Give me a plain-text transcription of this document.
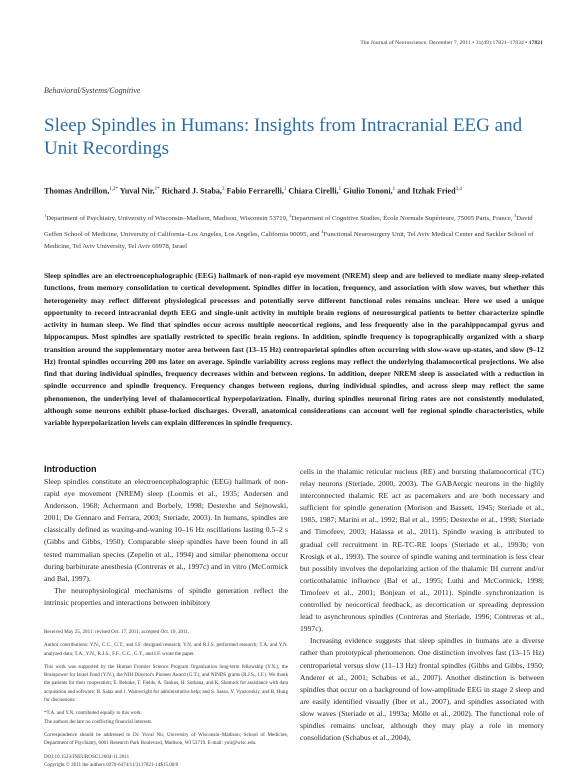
The Journal of Neuroscience, December 7, 2011 • 31(49):17821–17834 • 17821
Behavioral/Systems/Cognitive
Sleep Spindles in Humans: Insights from Intracranial EEG and Unit Recordings
Thomas Andrillon,$^{1,2*}$ Yuval Nir,$^{1*}$ Richard J. Staba,$^3$ Fabio Ferrarelli,$^1$ Chiara Cirelli,$^1$ Giulio Tononi,$^1$ and Itzhak Fried$^{3,4}$
$^1$Department of Psychiatry, University of Wisconsin–Madison, Madison, Wisconsin 53719, $^2$Department of Cognitive Studies, École Normale Supérieure, 75005 Paris, France, $^3$David Geffen School of Medicine, University of California–Los Angeles, Los Angeles, California 90095, and $^4$Functional Neurosurgery Unit, Tel Aviv Medical Center and Sackler School of Medicine, Tel Aviv University, Tel Aviv 69978, Israel

Sleep spindles are an electroencephalographic (EEG) hallmark of non-rapid eye movement (NREM) sleep and are believed to mediate many sleep-related functions, from memory consolidation to cortical development. Spindles differ in location, frequency, and association with slow waves, but whether this heterogeneity may reflect different physiological processes and potentially serve different functional roles remains unclear. Here we used a unique opportunity to record intracranial depth EEG and single-unit activity in multiple brain regions of neurosurgical patients to better characterize spindle activity in human sleep. We find that spindles occur across multiple neocortical regions, and less frequently also in the parahippocampal gyrus and hippocampus. Most spindles are spatially restricted to specific brain regions. In addition, spindle frequency is topographically organized with a sharp transition around the supplementary motor area between fast (13–15 Hz) centroparietal spindles often occurring with slow-wave up-states, and slow (9–12 Hz) frontal spindles occurring 200 ms later on average. Spindle variability across regions may reflect the underlying thalamocortical projections. We also find that during individual spindles, frequency decreases within and between regions. In addition, deeper NREM sleep is associated with a reduction in spindle occurrence and spindle frequency. Frequency changes between regions, during individual spindles, and across sleep may reflect the same phenomenon, the underlying level of thalamocortical hyperpolarization. Finally, during spindles neuronal firing rates are not consistently modulated, although some neurons exhibit phase-locked discharges. Overall, anatomical considerations can account well for regional spindle characteristics, while variable hyperpolarization levels can explain differences in spindle frequency.

Introduction

Sleep spindles constitute an electroencephalographic (EEG) hallmark of non-rapid eye movement (NREM) sleep (Loomis et al., 1935; Andersen and Andersson, 1968; Achermann and Borbely, 1998; Destexhe and Sejnowski, 2001; De Gennaro and Ferrara, 2003; Steriade, 2003). In humans, spindles are classically defined as waxing-and-waning 10–16 Hz oscillations lasting 0.5–2 s (Gibbs and Gibbs, 1950). Comparable sleep spindles have been found in all tested mammalian species (Zepelin et al., 1994) and similar phenomena occur during barbiturate anesthesia (Contreras et al., 1997c) and in vitro (McCormick and Bal, 1997).

The neurophysiological mechanisms of spindle generation reflect the intrinsic properties and interactions between inhibitory

cells in the thalamic reticular nucleus (RE) and bursting thalamocortical (TC) relay neurons (Steriade, 2000, 2003). The GABAergic neurons in the highly interconnected thalamic RE act as pacemakers and are both necessary and sufficient for spindle generation (Morison and Bassett, 1945; Steriade et al., 1985, 1987; Marini et al., 1992; Bal et al., 1995; Destexhe et al., 1998; Steriade and Timofeev, 2003; Halassa et al., 2011). Spindle waxing is attributed to gradual cell recruitment in RE-TC-RE loops (Steriade et al., 1993b; von Krosigk et al., 1993). The source of spindle waning and termination is less clear but possibly involves the depolarizing action of the thalamic IH current and/or corticothalamic influence (Bal et al., 1995; Luthi and McCormick, 1998; Timofeev et al., 2001; Bonjean et al., 2011). Spindle synchronization is controlled by neocortical feedback, as decortication or spreading depression lead to asynchronous spindles (Contreras and Steriade, 1996; Contreras et al., 1997c).

Increasing evidence suggests that sleep spindles in humans are a diverse rather than prototypical phenomenon. One distinction involves fast (13–15 Hz) centroparietal versus slow (11–13 Hz) frontal spindles (Gibbs and Gibbs, 1950; Anderer et al., 2001; Schabus et al., 2007). Another distinction is between spindles that occur on a background of low-amplitude EEG in stage 2 sleep and are easily identified visually (Iber et al., 2007), and spindles associated with slow waves (Steriade et al., 1993a; Mölle et al., 2002). The functional role of spindles remains unclear, although they may play a role in memory consolidation (Schabus et al., 2004),

Received May 25, 2011; revised Oct. 17, 2011; accepted Oct. 19, 2011.

Author contributions: Y.N., C.C., G.T., and I.F. designed research; Y.N. and R.J.S. performed research; T.A. and Y.N. analyzed data; T.A., Y.N., R.J.S., F.F., C.C., G.T., and I.F. wrote the paper.

This work was supported by the Human Frontier Science Program Organization long-term fellowship (Y.N.), the Brainpower for Israel Fund (Y.N.), the NIH Director's Pioneer Award (G.T.), and NINDS grants (R.J.S., I.F.). We thank the patients for their cooperation; E. Behnke, T. Fields, A. Tankus, H. Suthana, and K. Shattuck for assistance with data acquisition and software; B. Salaz and J. Wainwright for administrative help; and S. Sasso, V. Vyazovskiy, and B. Hung for discussions.

*T.A. and Y.N. contributed equally to this work.

The authors declare no conflicting financial interests.

Correspondence should be addressed to Dr. Yuval Nir, University of Wisconsin–Madison, School of Medicine, Department of Psychiatry, 6001 Research Park Boulevard, Madison, WI 53719. E-mail: ynir@wisc.edu.

DOI:10.1523/JNEUROSCI.2604-11.2011

Copyright © 2011 the authors 0270-6474/11/3117821-14$15.00/0
